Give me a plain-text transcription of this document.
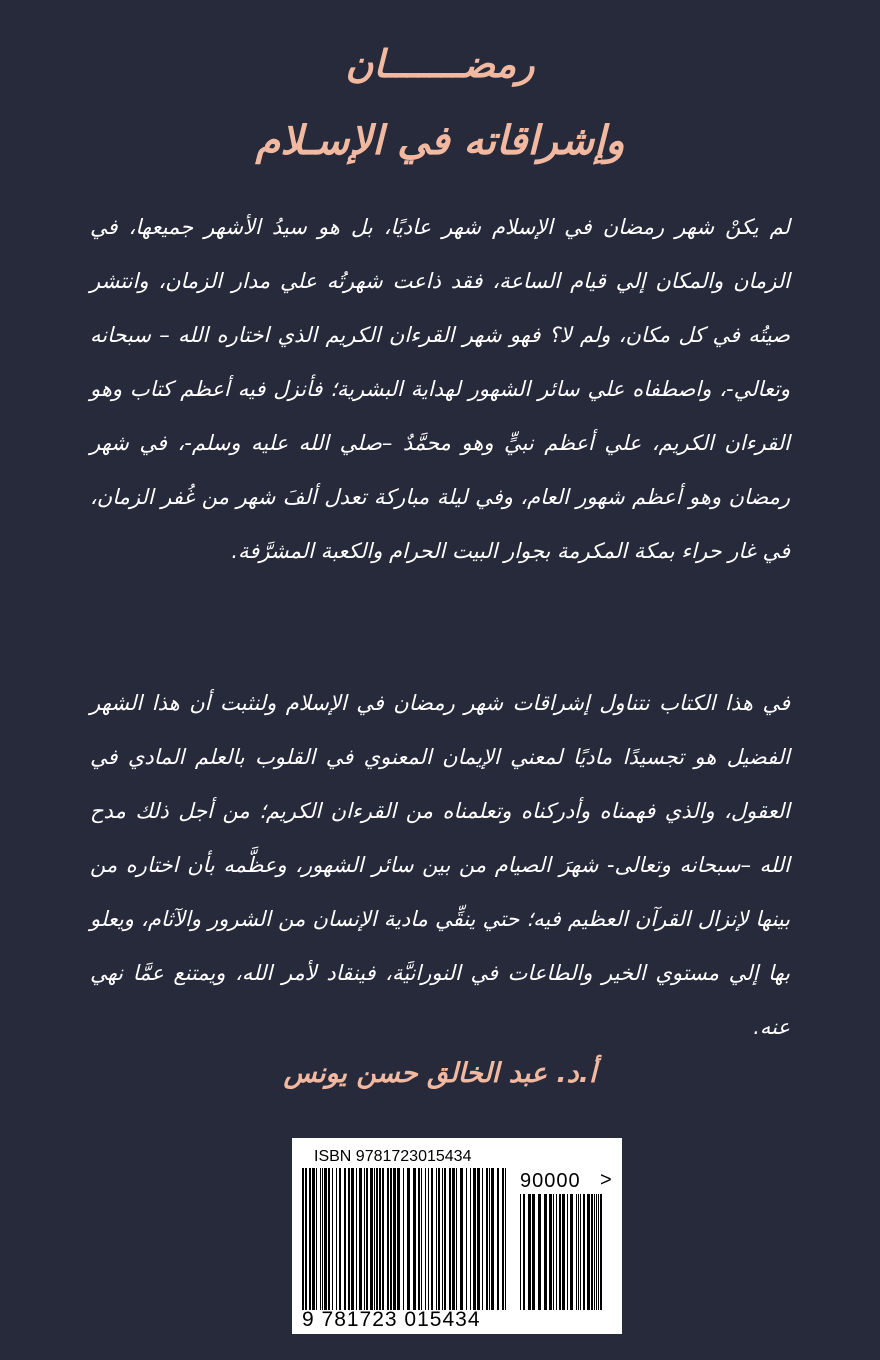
رمضـــــــان
وإشراقاته في الإسـلام

لم يكنْ شهر رمضان في الإسلام شهر عاديًا، بل هو سيدُ الأشهر جميعها، في الزمان والمكان إلي قيام الساعة، فقد ذاعت شهرتُه علي مدار الزمان، وانتشر صيتُه في كل مكان، ولم لا؟ فهو شهر القرءان الكريم الذي اختاره الله – سبحانه وتعالي-، واصطفاه علي سائر الشهور لهداية البشرية؛ فأنزل فيه أعظم كتاب وهو القرءان الكريم، علي أعظم نبيٍّ وهو محمَّدٌ –صلي الله عليه وسلم-، في شهر رمضان وهو أعظم شهور العام، وفي ليلة مباركة تعدل ألفَ شهر من غُفر الزمان، في غار حراء بمكة المكرمة بجوار البيت الحرام والكعبة المشرَّفة.

في هذا الكتاب نتناول إشراقات شهر رمضان في الإسلام ولنثبت أن هذا الشهر الفضيل هو تجسيدًا ماديًا لمعني الإيمان المعنوي في القلوب بالعلم المادي في العقول، والذي فهمناه وأدركناه وتعلمناه من القرءان الكريم؛ من أجل ذلك مدح الله –سبحانه وتعالى- شهرَ الصيام من بين سائر الشهور، وعظَّمه بأن اختاره من بينها لإنزال القرآن العظيم فيه؛ حتي ينقِّي مادية الإنسان من الشرور والآثام، ويعلو بها إلي مستوي الخير والطاعات في النورانيَّة، فينقاد لأمر الله، ويمتنع عمَّا نهي عنه.

أ.د. عبد الخالق حسن يونس
ISBN 9781723015434
90000 >
9 781723 015434
